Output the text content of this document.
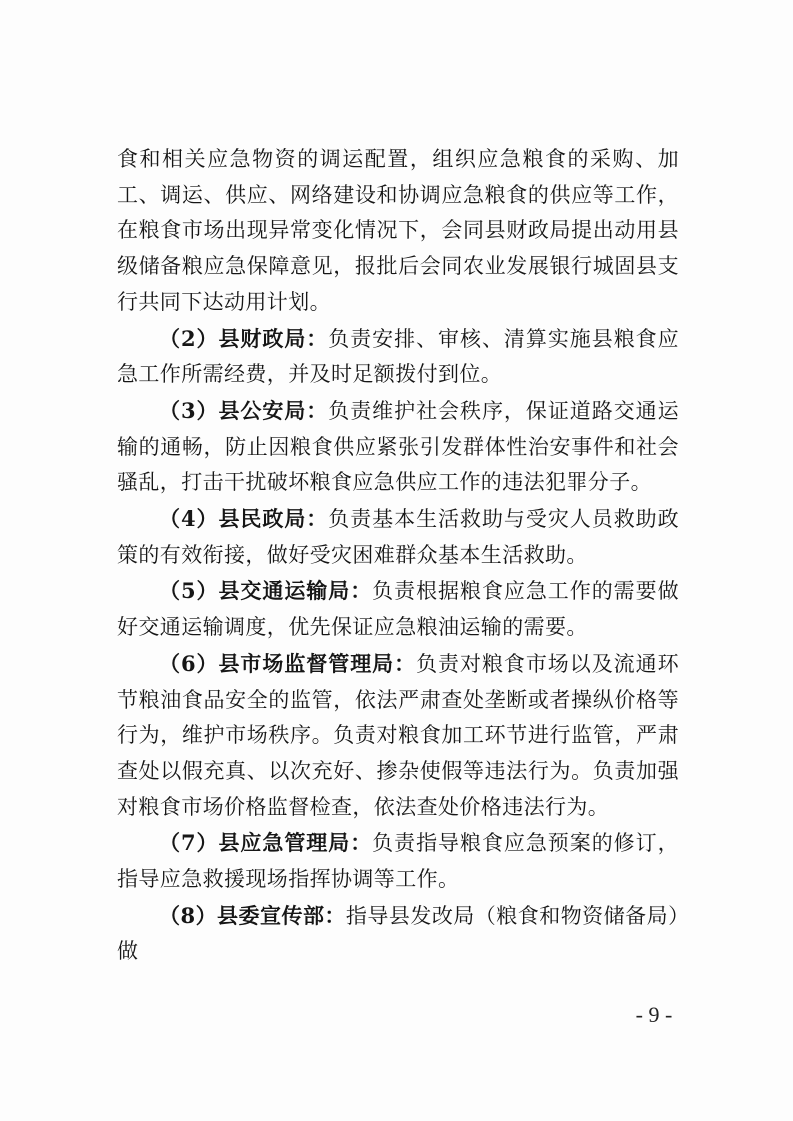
食和相关应急物资的调运配置，组织应急粮食的采购、加工、调运、供应、网络建设和协调应急粮食的供应等工作，在粮食市场出现异常变化情况下，会同县财政局提出动用县级储备粮应急保障意见，报批后会同农业发展银行城固县支行共同下达动用计划。

（2）县财政局：负责安排、审核、清算实施县粮食应急工作所需经费，并及时足额拨付到位。

（3）县公安局：负责维护社会秩序，保证道路交通运输的通畅，防止因粮食供应紧张引发群体性治安事件和社会骚乱，打击干扰破坏粮食应急供应工作的违法犯罪分子。

（4）县民政局：负责基本生活救助与受灾人员救助政策的有效衔接，做好受灾困难群众基本生活救助。

（5）县交通运输局：负责根据粮食应急工作的需要做好交通运输调度，优先保证应急粮油运输的需要。

（6）县市场监督管理局：负责对粮食市场以及流通环节粮油食品安全的监管，依法严肃查处垄断或者操纵价格等行为，维护市场秩序。负责对粮食加工环节进行监管，严肃查处以假充真、以次充好、掺杂使假等违法行为。负责加强对粮食市场价格监督检查，依法查处价格违法行为。

（7）县应急管理局：负责指导粮食应急预案的修订，指导应急救援现场指挥协调等工作。

（8）县委宣传部：指导县发改局（粮食和物资储备局）做

- 9 -
